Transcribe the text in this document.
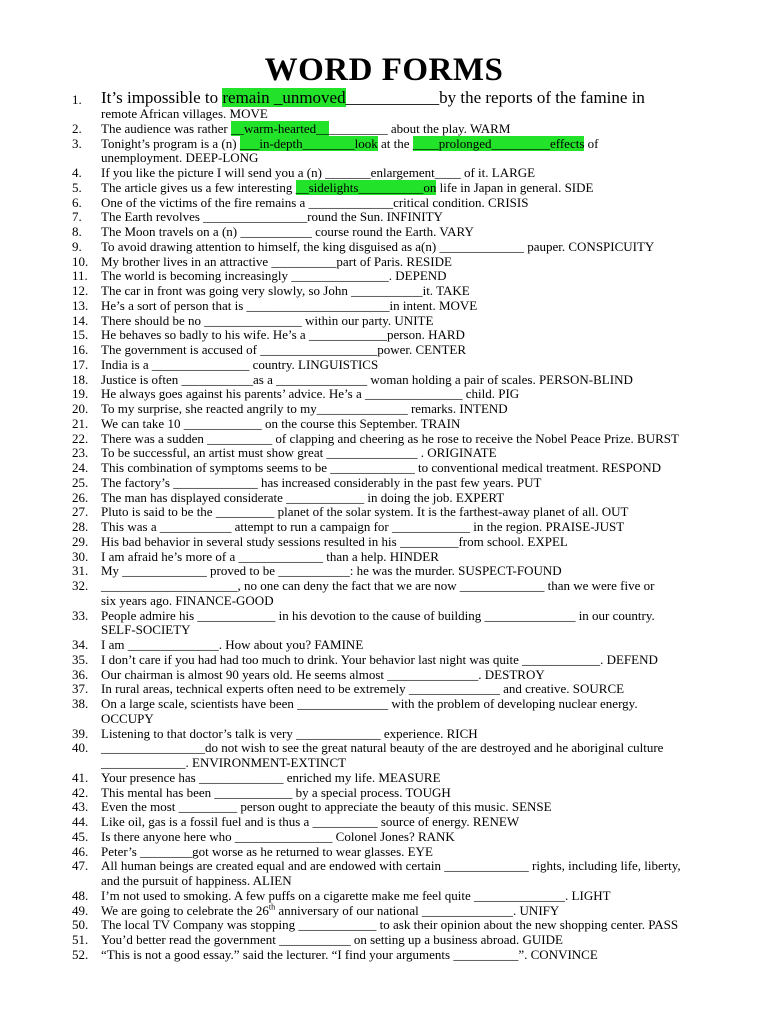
WORD FORMS
1.	It’s impossible to remain _unmoved___________by the reports of the famine in
remote African villages. MOVE
2.	The audience was rather __warm-hearted___________ about the play. WARM
3.	Tonight’s program is a (n) ___in-depth________look at the ____prolonged_________effects of
unemployment. DEEP-LONG
4.	If you like the picture I will send you a (n) _______enlargement____ of it. LARGE
5.	The article gives us a few interesting __sidelights__________on life in Japan in general. SIDE
6.	One of the victims of the fire remains a _____________critical condition. CRISIS
7.	The Earth revolves ________________round the Sun. INFINITY
8.	The Moon travels on a (n) ___________ course round the Earth. VARY
9.	To avoid drawing attention to himself, the king disguised as a(n) _____________ pauper. CONSPICUITY
10. My brother lives in an attractive __________part of Paris. RESIDE
11.	The world is becoming increasingly _______________. DEPEND
12. The car in front was going very slowly, so John ___________it. TAKE
13. He’s a sort of person that is ______________________in intent. MOVE
14. There should be no _______________ within our party. UNITE
15. He behaves so badly to his wife. He’s a ____________person. HARD
16. The government is accused of __________________power. CENTER
17. India is a _______________ country. LINGUISTICS
18. Justice is often ___________as a ______________ woman holding a pair of scales. PERSON-BLIND
19. He always goes against his parents’ advice. He’s a _______________ child. PIG
20. To my surprise, she reacted angrily to my______________ remarks. INTEND
21. We can take 10 ____________ on the course this September. TRAIN
22. There was a sudden __________ of clapping and cheering as he rose to receive the Nobel Peace Prize. BURST
23. To be successful, an artist must show great ______________ . ORIGINATE
24. This combination of symptoms seems to be _____________ to conventional medical treatment. RESPOND
25. The factory’s _____________ has increased considerably in the past few years. PUT
26. The man has displayed considerate ____________ in doing the job. EXPERT
27. Pluto is said to be the _________ planet of the solar system. It is the farthest-away planet of all. OUT
28. This was a ___________ attempt to run a campaign for ____________ in the region. PRAISE-JUST
29. His bad behavior in several study sessions resulted in his _________from school. EXPEL
30. I am afraid he’s more of a _____________ than a help. HINDER
31. My _____________ proved to be ___________: he was the murder. SUSPECT-FOUND
32. _____________________, no one can deny the fact that we are now _____________ than we were five or
six years ago. FINANCE-GOOD
33. People admire his ____________ in his devotion to the cause of building ______________ in our country.
SELF-SOCIETY
34. I am ______________. How about you? FAMINE
35. I don’t care if you had had too much to drink. Your behavior last night was quite ____________. DEFEND
36. Our chairman is almost 90 years old. He seems almost ______________. DESTROY
37. In rural areas, technical experts often need to be extremely ______________ and creative. SOURCE
38. On a large scale, scientists have been ______________ with the problem of developing nuclear energy.
OCCUPY
39. Listening to that doctor’s talk is very _____________ experience. RICH
40. ________________do not wish to see the great natural beauty of the are destroyed and he aboriginal culture
_____________. ENVIRONMENT-EXTINCT
41. Your presence has _____________ enriched my life. MEASURE
42. This mental has been ____________ by a special process. TOUGH
43. Even the most _________ person ought to appreciate the beauty of this music. SENSE
44. Like oil, gas is a fossil fuel and is thus a __________ source of energy. RENEW
45. Is there anyone here who _______________ Colonel Jones? RANK
46. Peter’s ________got worse as he returned to wear glasses. EYE
47. All human beings are created equal and are endowed with certain _____________ rights, including life, liberty,
and the pursuit of happiness. ALIEN
48. I’m not used to smoking. A few puffs on a cigarette make me feel quite ______________. LIGHT
49. We are going to celebrate the 26th anniversary of our national ______________. UNIFY
50. The local TV Company was stopping ____________ to ask their opinion about the new shopping center. PASS
51. You’d better read the government ___________ on setting up a business abroad. GUIDE
52. “This is not a good essay.” said the lecturer. “I find your arguments __________”. CONVINCE
